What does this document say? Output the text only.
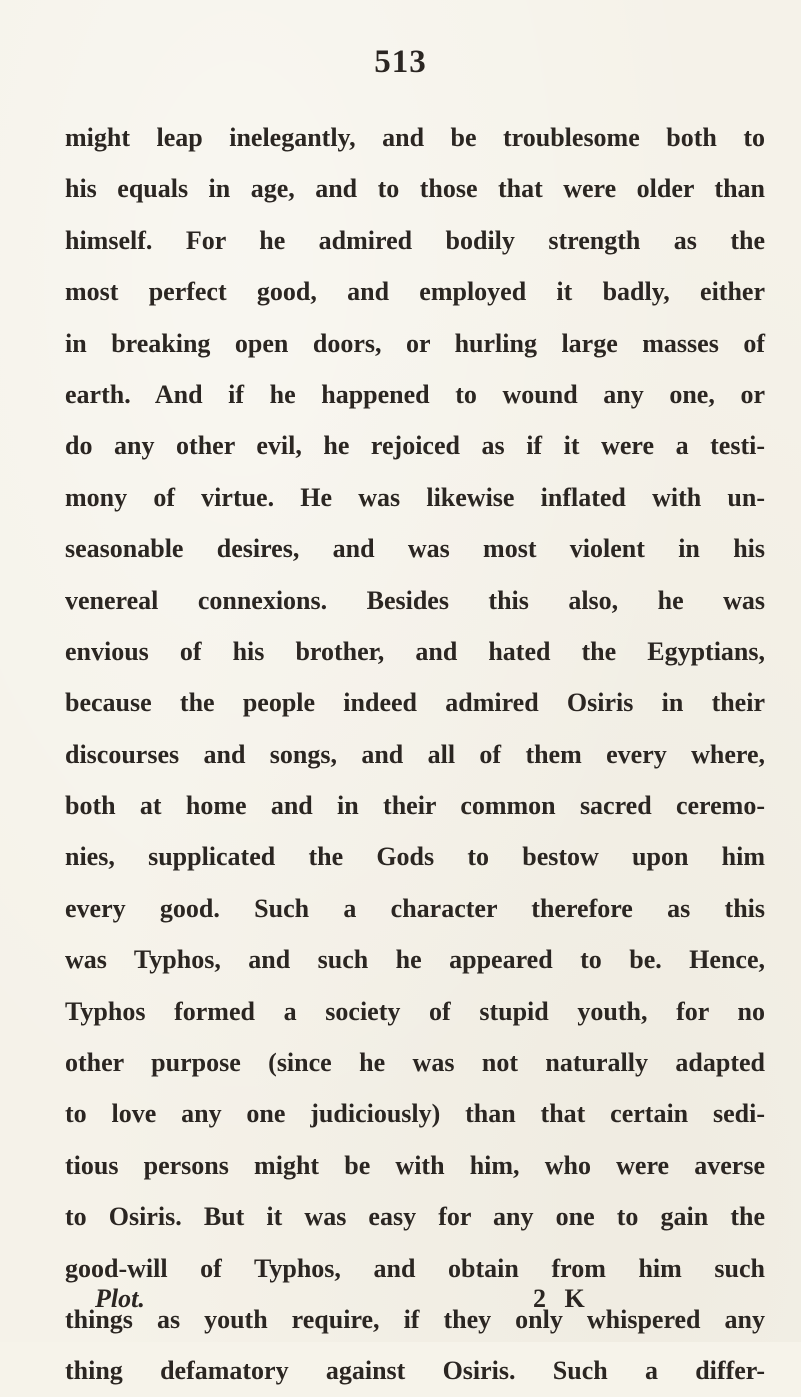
513
might leap inelegantly, and be troublesome both to
his equals in age, and to those that were older than
himself. For he admired bodily strength as the
most perfect good, and employed it badly, either
in breaking open doors, or hurling large masses of
earth. And if he happened to wound any one, or
do any other evil, he rejoiced as if it were a testi-
mony of virtue. He was likewise inflated with un-
seasonable desires, and was most violent in his
venereal connexions. Besides this also, he was
envious of his brother, and hated the Egyptians,
because the people indeed admired Osiris in their
discourses and songs, and all of them every where,
both at home and in their common sacred ceremo-
nies, supplicated the Gods to bestow upon him
every good. Such a character therefore as this
was Typhos, and such he appeared to be. Hence,
Typhos formed a society of stupid youth, for no
other purpose (since he was not naturally adapted
to love any one judiciously) than that certain sedi-
tious persons might be with him, who were averse
to Osiris. But it was easy for any one to gain the
good-will of Typhos, and obtain from him such
things as youth require, if they only whispered any
thing defamatory against Osiris. Such a differ-
Plot.	2 K
